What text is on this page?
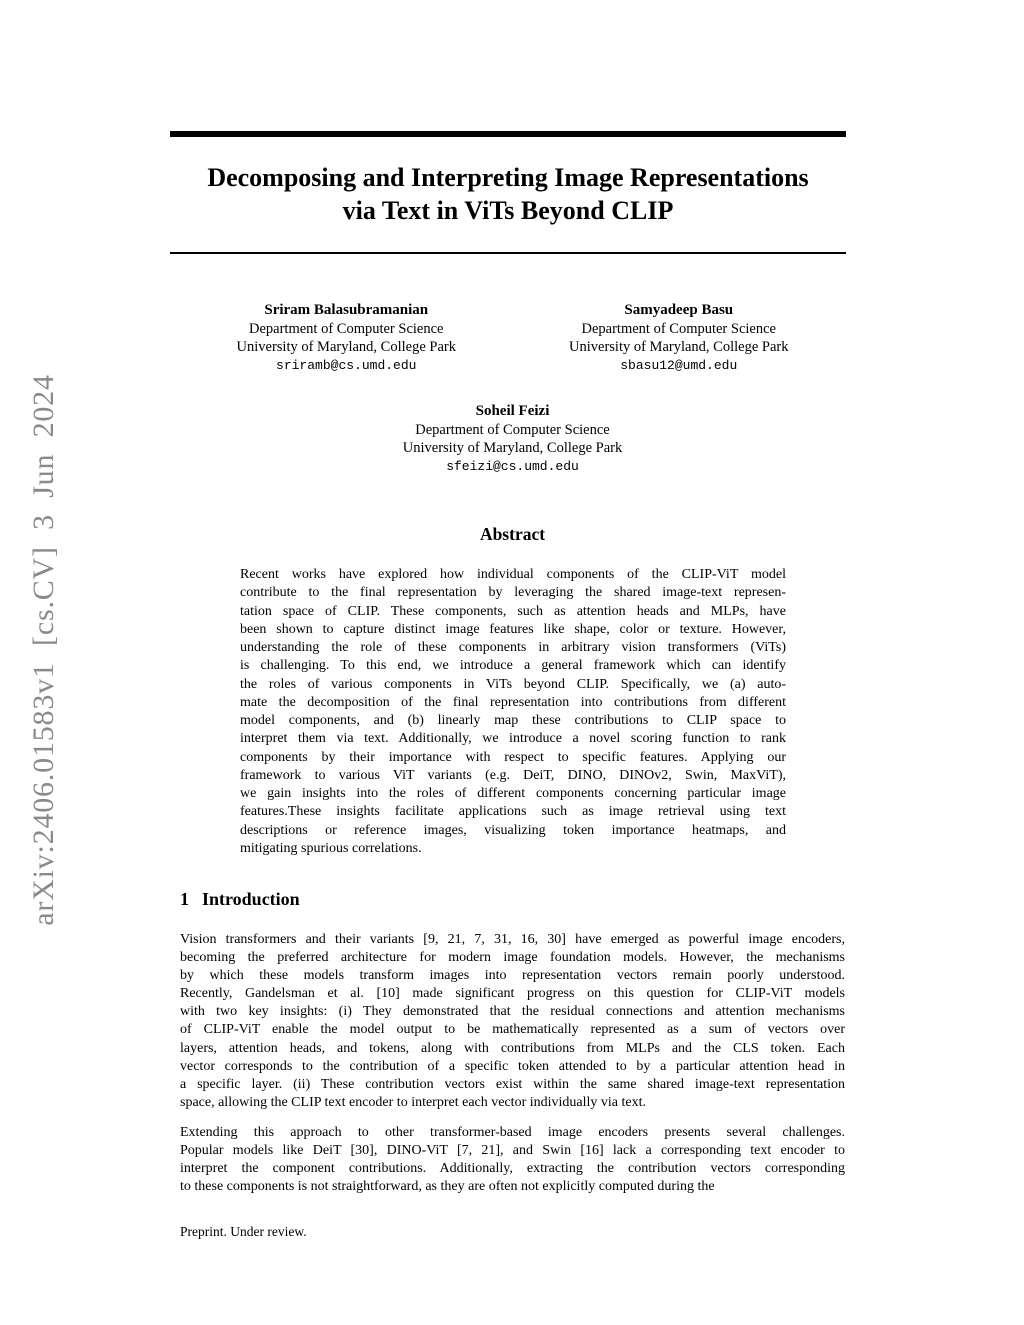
arXiv:2406.01583v1 [cs.CV] 3 Jun 2024
Decomposing and Interpreting Image Representations
via Text in ViTs Beyond CLIP
Sriram Balasubramanian
Department of Computer Science
University of Maryland, College Park
sriramb@cs.umd.edu
Samyadeep Basu
Department of Computer Science
University of Maryland, College Park
sbasu12@umd.edu
Soheil Feizi
Department of Computer Science
University of Maryland, College Park
sfeizi@cs.umd.edu
Abstract
Recent works have explored how individual components of the CLIP-ViT model
contribute to the final representation by leveraging the shared image-text represen-
tation space of CLIP. These components, such as attention heads and MLPs, have
been shown to capture distinct image features like shape, color or texture. However,
understanding the role of these components in arbitrary vision transformers (ViTs)
is challenging. To this end, we introduce a general framework which can identify
the roles of various components in ViTs beyond CLIP. Specifically, we (a) auto-
mate the decomposition of the final representation into contributions from different
model components, and (b) linearly map these contributions to CLIP space to
interpret them via text. Additionally, we introduce a novel scoring function to rank
components by their importance with respect to specific features. Applying our
framework to various ViT variants (e.g. DeiT, DINO, DINOv2, Swin, MaxViT),
we gain insights into the roles of different components concerning particular image
features.These insights facilitate applications such as image retrieval using text
descriptions or reference images, visualizing token importance heatmaps, and
mitigating spurious correlations.
1 Introduction
Vision transformers and their variants [9, 21, 7, 31, 16, 30] have emerged as powerful image encoders,
becoming the preferred architecture for modern image foundation models. However, the mechanisms
by which these models transform images into representation vectors remain poorly understood.
Recently, Gandelsman et al. [10] made significant progress on this question for CLIP-ViT models
with two key insights: (i) They demonstrated that the residual connections and attention mechanisms
of CLIP-ViT enable the model output to be mathematically represented as a sum of vectors over
layers, attention heads, and tokens, along with contributions from MLPs and the CLS token. Each
vector corresponds to the contribution of a specific token attended to by a particular attention head in
a specific layer. (ii) These contribution vectors exist within the same shared image-text representation
space, allowing the CLIP text encoder to interpret each vector individually via text.
Extending this approach to other transformer-based image encoders presents several challenges.
Popular models like DeiT [30], DINO-ViT [7, 21], and Swin [16] lack a corresponding text encoder to
interpret the component contributions. Additionally, extracting the contribution vectors corresponding
to these components is not straightforward, as they are often not explicitly computed during the
Preprint. Under review.
